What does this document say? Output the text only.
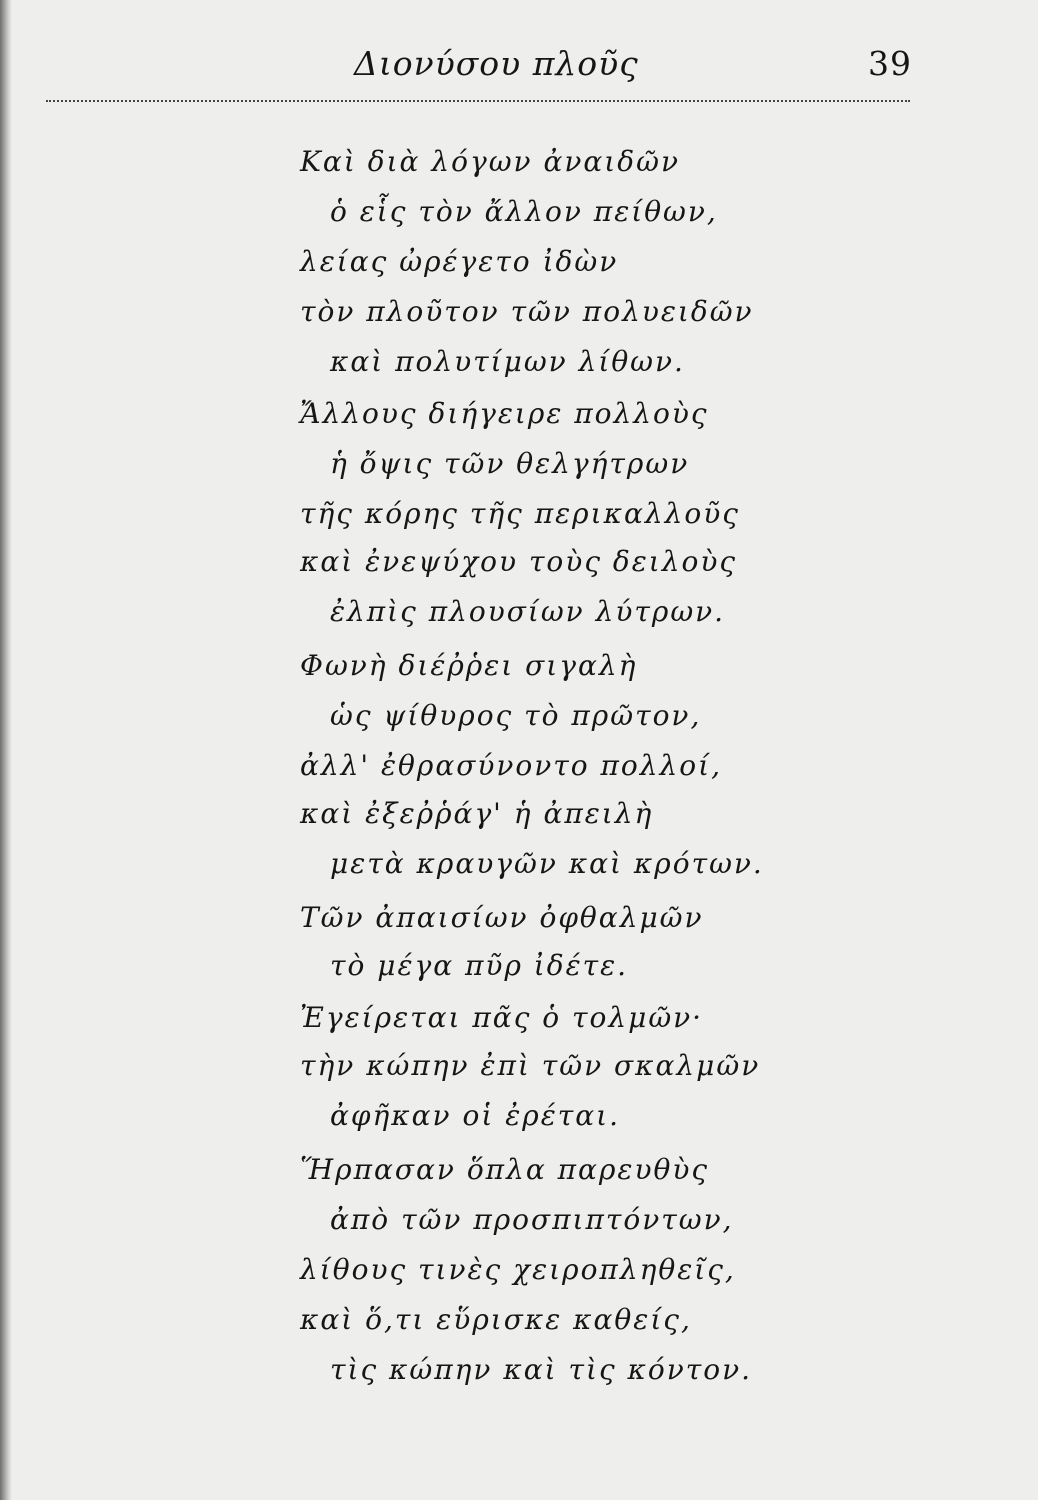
Διονύσου πλοῦς	39
Καὶ διὰ λόγων ἀναιδῶν
ὁ εἷς τὸν ἄλλον πείθων,
λείας ὠρέγετο ἰδὼν
τὸν πλοῦτον τῶν πολυειδῶν
καὶ πολυτίμων λίθων.
Ἄλλους διήγειρε πολλοὺς
ἡ ὄψις τῶν θελγήτρων
τῆς κόρης τῆς περικαλλοῦς
καὶ ἐνεψύχου τοὺς δειλοὺς
ἐλπὶς πλουσίων λύτρων.
Φωνὴ διέῤῥει σιγαλὴ
ὡς ψίθυρος τὸ πρῶτον,
ἀλλ' ἐθρασύνοντο πολλοί,
καὶ ἐξεῤῥάγ' ἡ ἀπειλὴ
μετὰ κραυγῶν καὶ κρότων.
Τῶν ἀπαισίων ὀφθαλμῶν
τὸ μέγα πῦρ ἰδέτε.
Ἐγείρεται πᾶς ὁ τολμῶν·
τὴν κώπην ἐπὶ τῶν σκαλμῶν
ἀφῆκαν οἱ ἐρέται.
Ἥρπασαν ὅπλα παρευθὺς
ἀπὸ τῶν προσπιπτόντων,
λίθους τινὲς χειροπληθεῖς,
καὶ ὅ,τι εὕρισκε καθείς,
τὶς κώπην καὶ τὶς κόντον.
